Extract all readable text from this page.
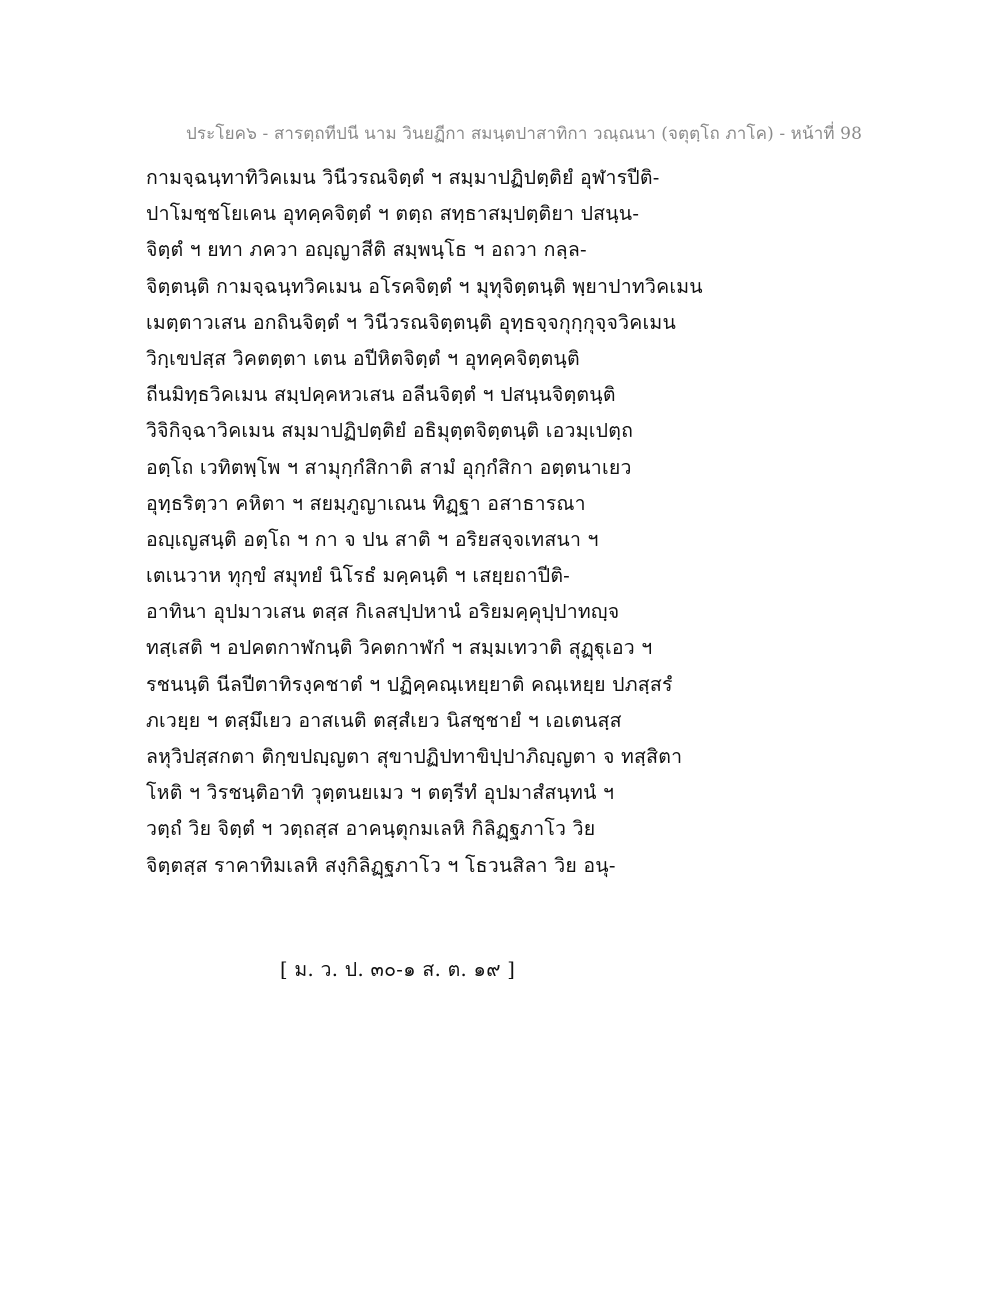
ประโยค๖ - สารตฺถทีปนี นาม วินยฏีกา สมนฺตปาสาทิกา วณฺณนา (จตุตฺโถ ภาโค) - หน้าที่ 98
กามจฺฉนฺทาทิวิคเมน วินีวรณจิตฺตํ ฯ สมฺมาปฏิปตฺติยํ อุฬารปีติ-
ปาโมชฺชโยเคน อุทคฺคจิตฺตํ ฯ ตตฺถ สทฺธาสมฺปตฺติยา ปสนฺน-
จิตฺตํ ฯ ยทา ภควา อญฺญาสีติ สมฺพนฺโธ ฯ อถวา กลฺล-
จิตฺตนฺติ กามจฺฉนฺทวิคเมน อโรคจิตฺตํ ฯ มุทุจิตฺตนฺติ พฺยาปาทวิคเมน
เมตฺตาวเสน อกถินจิตฺตํ ฯ วินีวรณจิตฺตนฺติ อุทฺธจฺจกุกฺกุจฺจวิคเมน
วิกฺเขปสฺส วิคตตฺตา เตน อปีหิตจิตฺตํ ฯ อุทคฺคจิตฺตนฺติ
ถีนมิทฺธวิคเมน สมฺปคฺคหวเสน อลีนจิตฺตํ ฯ ปสนฺนจิตฺตนฺติ
วิจิกิจฺฉาวิคเมน สมฺมาปฏิปตฺติยํ อธิมุตฺตจิตฺตนฺติ เอวมฺเปตฺถ
อตฺโถ เวทิตพฺโพ ฯ สามุกฺกํสิกาติ สามํ อุกฺกํสิกา อตฺตนาเยว
อุทฺธริตฺวา คหิตา ฯ สยมฺภูญาเณน ทิฏฺฐา อสาธารณา
อญฺเญสนฺติ อตฺโถ ฯ กา จ ปน สาติ ฯ อริยสจฺจเทสนา ฯ
เตเนวาห ทุกฺขํ สมุทยํ นิโรธํ มคฺคนฺติ ฯ เสยฺยถาปีติ-
อาทินา อุปมาวเสน ตสฺส กิเลสปฺปหานํ อริยมคฺคุปฺปาทญฺจ
ทสฺเสติ ฯ อปคตกาฬกนฺติ วิคตกาฬกํ ฯ สมฺมเทวาติ สุฏฺฐุเอว ฯ
รชนนฺติ นีลปีตาทิรงฺคชาตํ ฯ ปฏิคฺคณฺเหยฺยาติ คณฺเหยฺย ปภสฺสรํ
ภเวยฺย ฯ ตสฺมึเยว อาสเนติ ตสฺสํเยว นิสชฺชายํ ฯ เอเตนสฺส
ลหุวิปสฺสกตา ติกฺขปญฺญตา สุขาปฏิปทาขิปฺปาภิญฺญตา จ ทสฺสิตา
โหติ ฯ วิรชนฺติอาทิ วุตฺตนยเมว ฯ ตตฺรีทํ อุปมาสํสนฺทนํ ฯ
วตฺถํ วิย จิตฺตํ ฯ วตฺถสฺส อาคนฺตุกมเลหิ กิลิฏฺฐภาโว วิย
จิตฺตสฺส ราคาทิมเลหิ สงฺกิลิฏฺฐภาโว ฯ โธวนสิลา วิย อนุ-
[ ม. ว. ป. ๓๐-๑ ส. ต. ๑๙ ]
